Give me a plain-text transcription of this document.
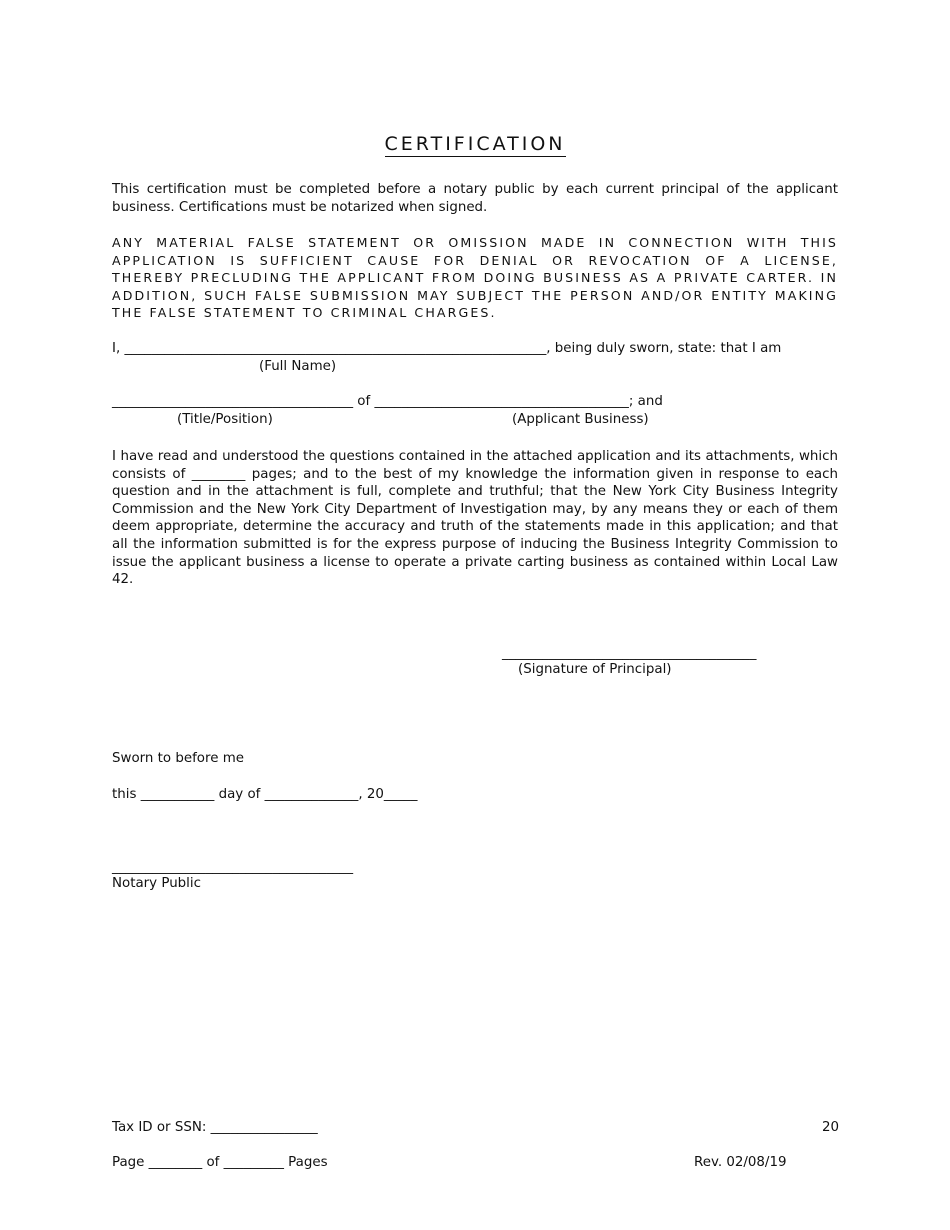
CERTIFICATION
This certification must be completed before a notary public by each current principal of the applicant business. Certifications must be notarized when signed.
ANY MATERIAL FALSE STATEMENT OR OMISSION MADE IN CONNECTION WITH THIS APPLICATION IS SUFFICIENT CAUSE FOR DENIAL OR REVOCATION OF A LICENSE, THEREBY PRECLUDING THE APPLICANT FROM DOING BUSINESS AS A PRIVATE CARTER. IN ADDITION, SUCH FALSE SUBMISSION MAY SUBJECT THE PERSON AND/OR ENTITY MAKING THE FALSE STATEMENT TO CRIMINAL CHARGES.
I, _______________________________________________________________, being duly sworn, state: that I am
(Full Name)
____________________________________ of ______________________________________; and
(Title/Position)	(Applicant Business)
I have read and understood the questions contained in the attached application and its attachments, which consists of ________ pages; and to the best of my knowledge the information given in response to each question and in the attachment is full, complete and truthful; that the New York City Business Integrity Commission and the New York City Department of Investigation may, by any means they or each of them deem appropriate, determine the accuracy and truth of the statements made in this application; and that all the information submitted is for the express purpose of inducing the Business Integrity Commission to issue the applicant business a license to operate a private carting business as contained within Local Law 42.
______________________________________
(Signature of Principal)
Sworn to before me
this ___________ day of ______________, 20_____
____________________________________
Notary Public
Tax ID or SSN: ________________	20
Page ________ of _________ Pages	Rev. 02/08/19
